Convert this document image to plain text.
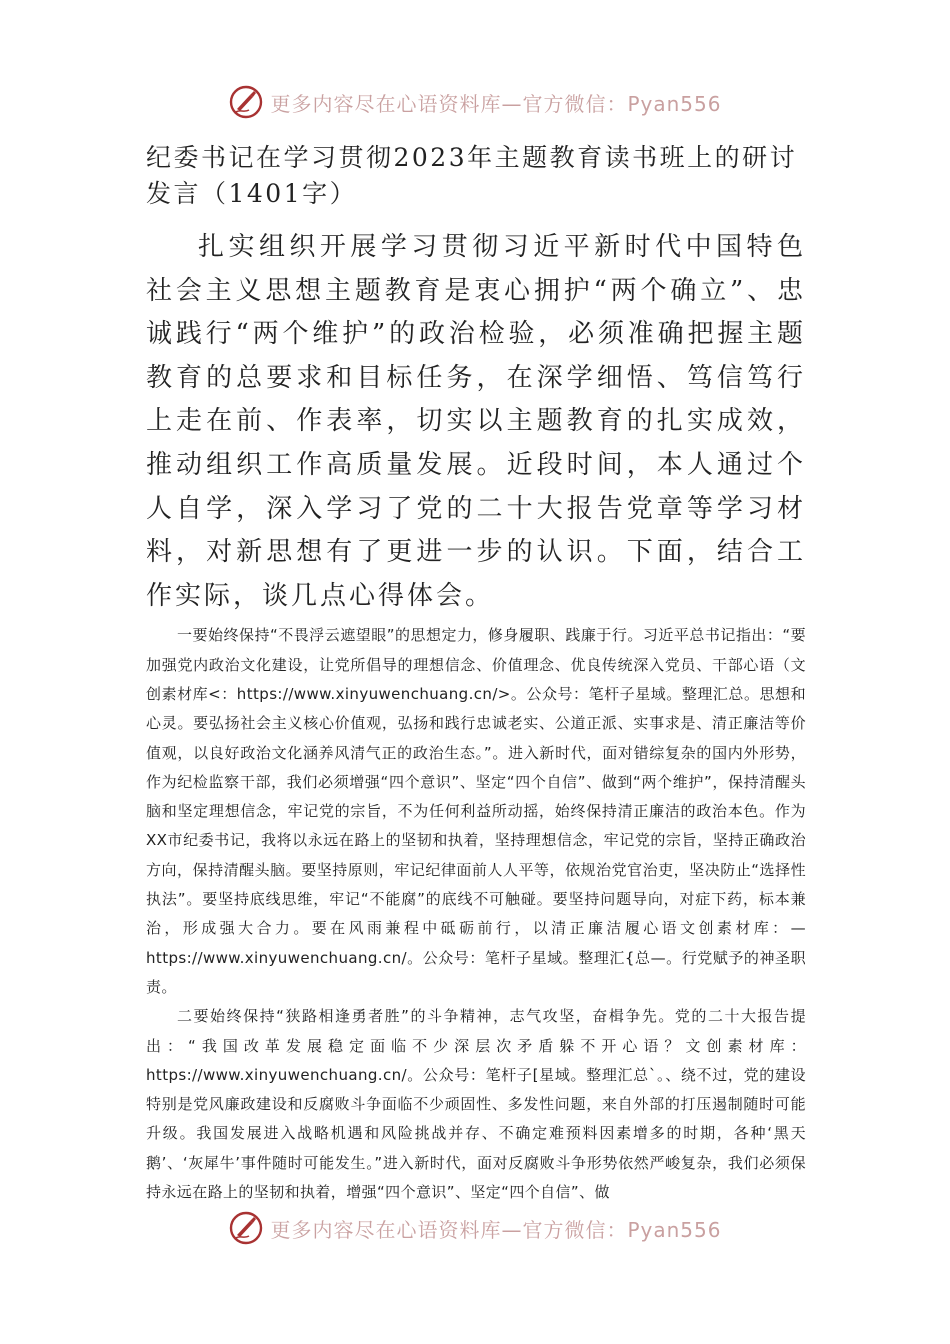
更多内容尽在心语资料库—官方微信：Pyan556

纪委书记在学习贯彻2023年主题教育读书班上的研讨发言（1401字）

扎实组织开展学习贯彻习近平新时代中国特色社会主义思想主题教育是衷心拥护“两个确立”、忠诚践行“两个维护”的政治检验，必须准确把握主题教育的总要求和目标任务，在深学细悟、笃信笃行上走在前、作表率，切实以主题教育的扎实成效，推动组织工作高质量发展。近段时间，本人通过个人自学，深入学习了党的二十大报告党章等学习材料，对新思想有了更进一步的认识。下面，结合工作实际，谈几点心得体会。

一要始终保持“不畏浮云遮望眼”的思想定力，修身履职、践廉于行。习近平总书记指出：“要加强党内政治文化建设，让党所倡导的理想信念、价值理念、优良传统深入党员、干部心语（文创素材库<：https://www.xinyuwenchuang.cn/>。公众号：笔杆子星域。整理汇总。思想和心灵。要弘扬社会主义核心价值观，弘扬和践行忠诚老实、公道正派、实事求是、清正廉洁等价值观，以良好政治文化涵养风清气正的政治生态。”。进入新时代，面对错综复杂的国内外形势，作为纪检监察干部，我们必须增强“四个意识”、坚定“四个自信”、做到“两个维护”，保持清醒头脑和坚定理想信念，牢记党的宗旨，不为任何利益所动摇，始终保持清正廉洁的政治本色。作为XX市纪委书记，我将以永远在路上的坚韧和执着，坚持理想信念，牢记党的宗旨，坚持正确政治方向，保持清醒头脑。要坚持原则，牢记纪律面前人人平等，依规治党官治吏，坚决防止“选择性执法”。要坚持底线思维，牢记“不能腐”的底线不可触碰。要坚持问题导向，对症下药，标本兼治，形成强大合力。要在风雨兼程中砥砺前行，以清正廉洁履心语文创素材库：—https://www.xinyuwenchuang.cn/。公众号：笔杆子星域。整理汇{总—。行党赋予的神圣职责。

二要始终保持“狭路相逢勇者胜”的斗争精神，志气攻坚，奋楫争先。党的二十大报告提出：“我国改革发展稳定面临不少深层次矛盾躲不开心语？文创素材库：https://www.xinyuwenchuang.cn/。公众号：笔杆子[星域。整理汇总`。、绕不过，党的建设特别是党风廉政建设和反腐败斗争面临不少顽固性、多发性问题，来自外部的打压遏制随时可能升级。我国发展进入战略机遇和风险挑战并存、不确定难预料因素增多的时期，各种‘黑天鹅’、‘灰犀牛’事件随时可能发生。”进入新时代，面对反腐败斗争形势依然严峻复杂，我们必须保持永远在路上的坚韧和执着，增强“四个意识”、坚定“四个自信”、做

更多内容尽在心语资料库—官方微信：Pyan556
